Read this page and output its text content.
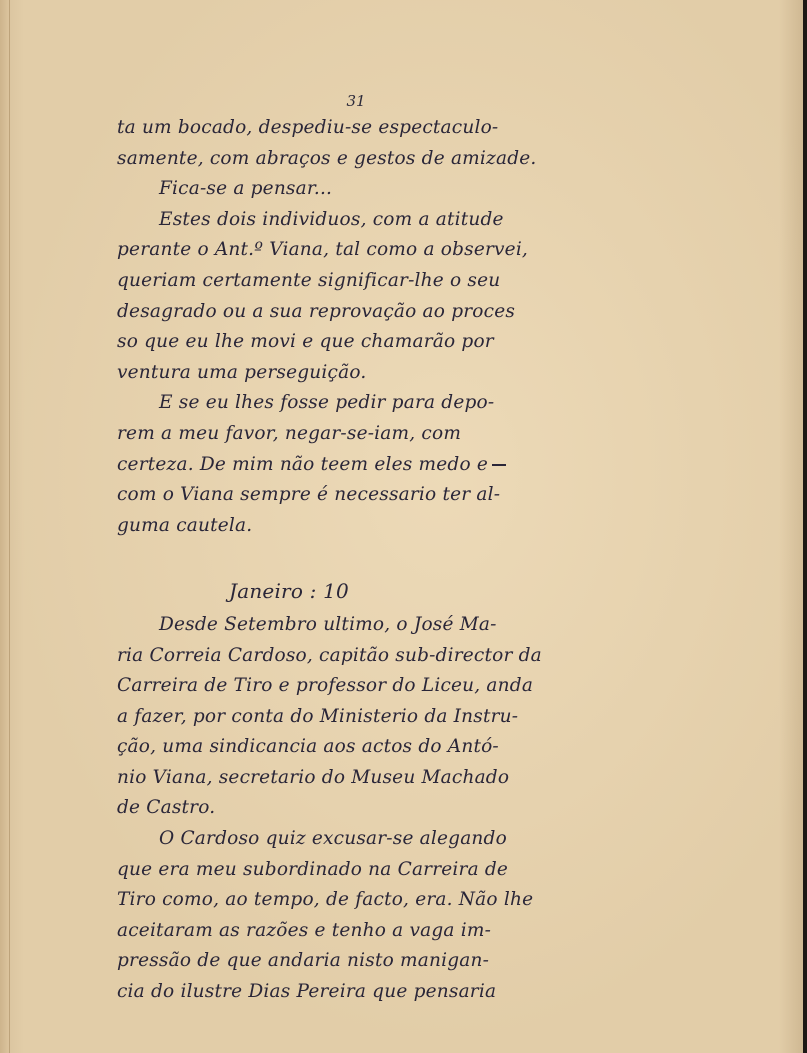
31
ta um bocado, despediu-se espectaculo-
samente, com abraços e gestos de amizade.
Fica-se a pensar...
Estes dois individuos, com a atitude
perante o Ant.º Viana, tal como a observei,
queriam certamente significar-lhe o seu
desagrado ou a sua reprovação ao proces
so que eu lhe movi e que chamarão por
ventura uma perseguição.
E se eu lhes fosse pedir para depo-
rem a meu favor, negar-se-iam, com
certeza. De mim não teem eles medo e
com o Viana sempre é necessario ter al-
guma cautela.
Janeiro : 10
Desde Setembro ultimo, o José Ma-
ria Correia Cardoso, capitão sub-director da
Carreira de Tiro e professor do Liceu, anda
a fazer, por conta do Ministerio da Instru-
ção, uma sindicancia aos actos do Antó-
nio Viana, secretario do Museu Machado
de Castro.
O Cardoso quiz excusar-se alegando
que era meu subordinado na Carreira de
Tiro como, ao tempo, de facto, era. Não lhe
aceitaram as razões e tenho a vaga im-
pressão de que andaria nisto manigan-
cia do ilustre Dias Pereira que pensaria
